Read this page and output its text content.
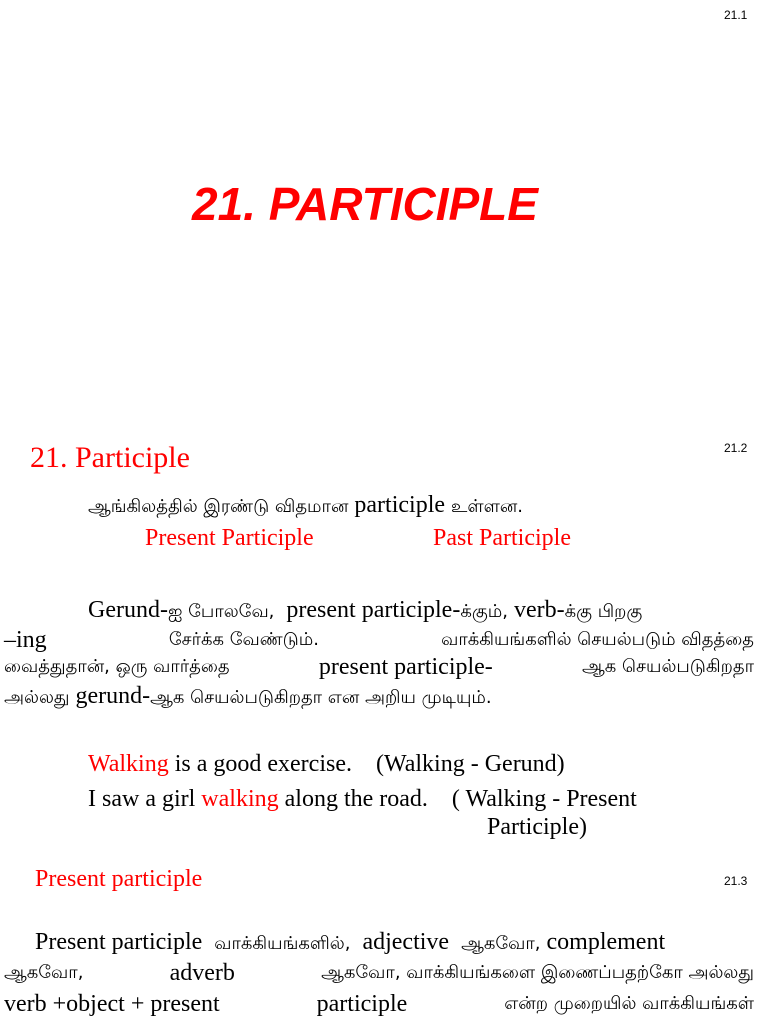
21.1
21. PARTICIPLE
21.2
21. Participle
ஆங்கிலத்தில் இரண்டு விதமான participle உள்ளன.
Present Participle	Past Participle
Gerund-ஐ போலவே, present participle-க்கும், verb-க்கு பிறகு
–ing	சேர்க்க வேண்டும்.	வாக்கியங்களில் செயல்படும் விதத்தை
வைத்துதான், ஒரு வார்த்தை	present participle-	ஆக செயல்படுகிறதா
அல்லது gerund-ஆக செயல்படுகிறதா என அறிய முடியும்.
Walking is a good exercise. (Walking - Gerund)
I saw a girl walking along the road. ( Walking - Present
Participle)
Present participle	21.3
Present participle வாக்கியங்களில், adjective ஆகவோ, complement
ஆகவோ,	adverb	ஆகவோ, வாக்கியங்களை இணைப்பதற்கோ அல்லது
verb +object + present	participle	என்ற முறையில் வாக்கியங்கள்
